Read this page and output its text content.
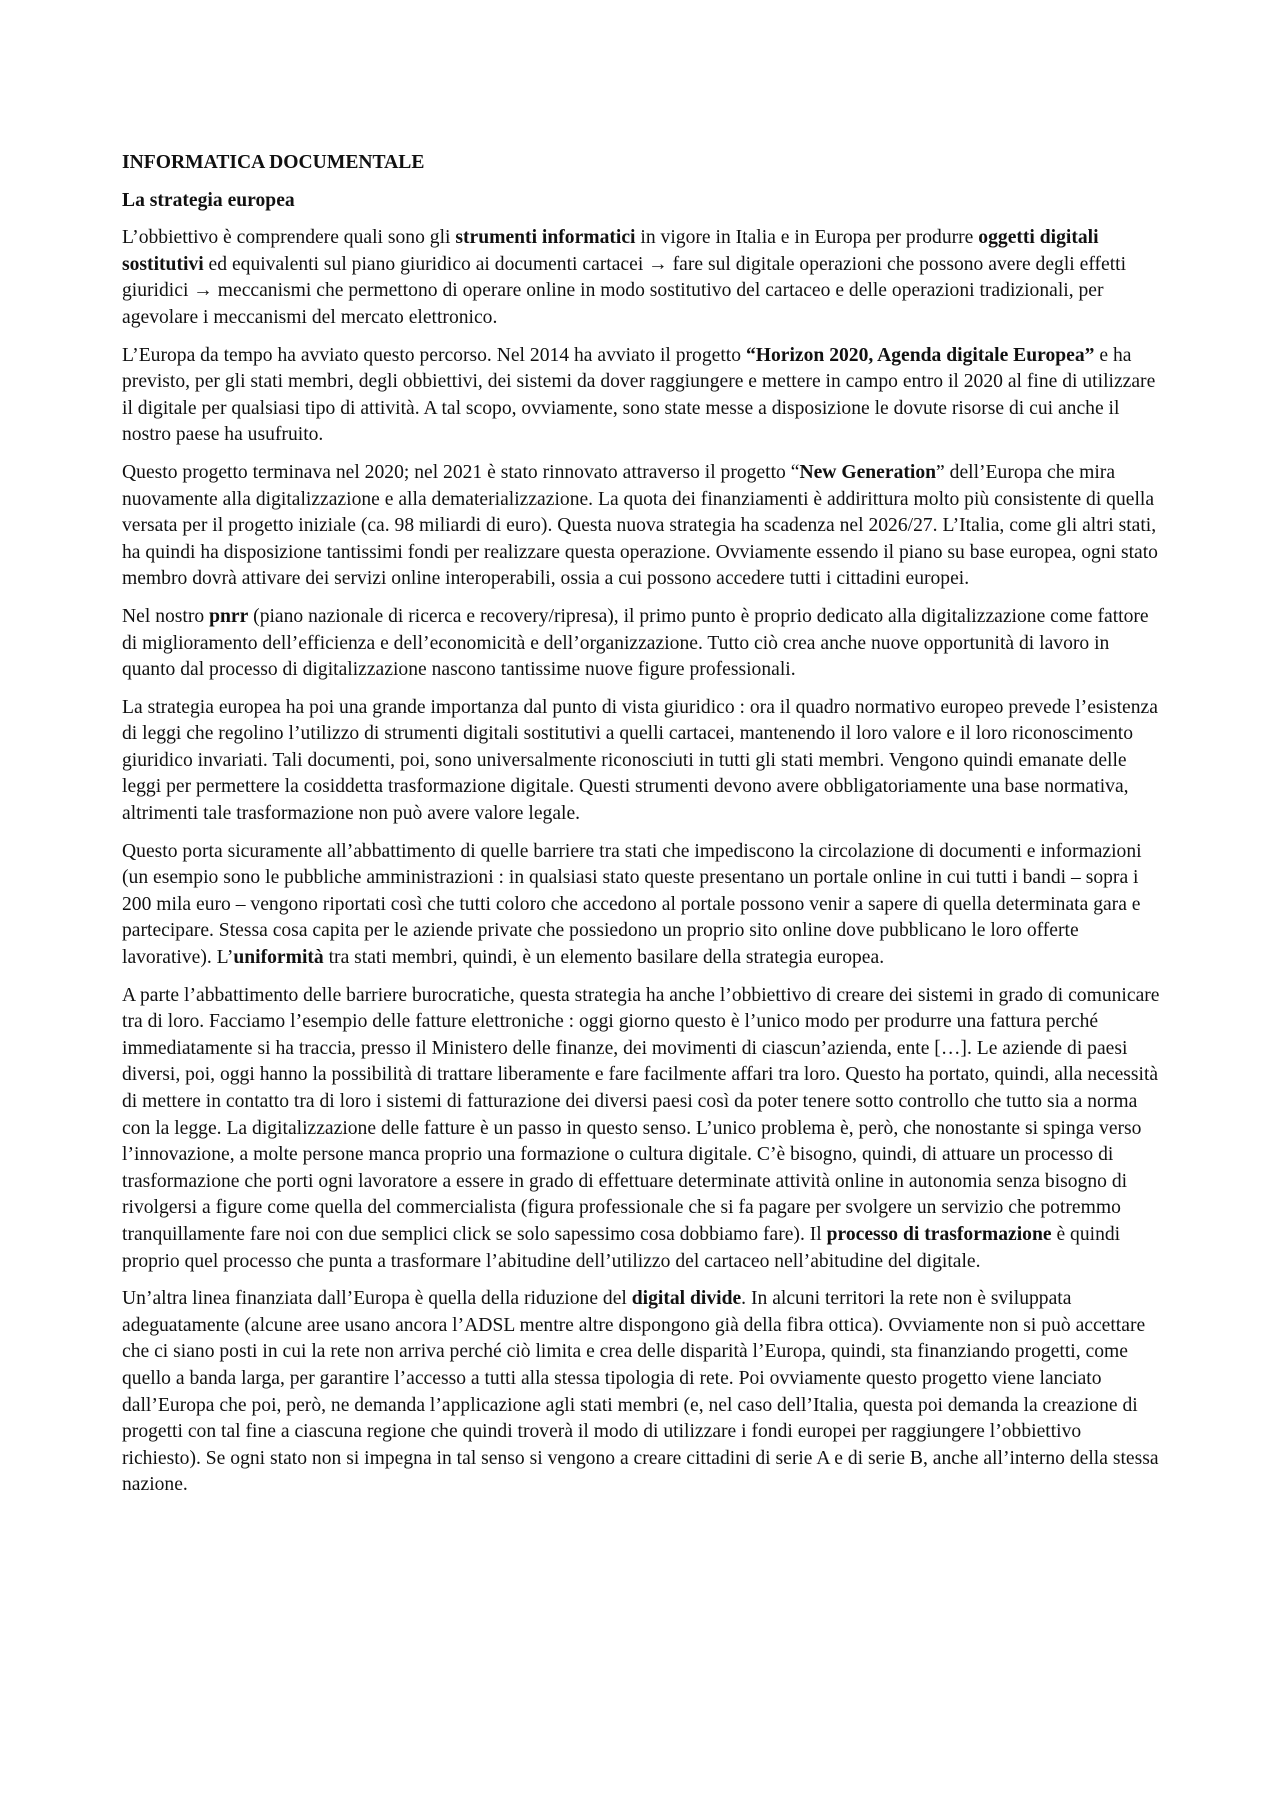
INFORMATICA DOCUMENTALE
La strategia europea

L’obbiettivo è comprendere quali sono gli strumenti informatici in vigore in Italia e in Europa per produrre oggetti digitali sostitutivi ed equivalenti sul piano giuridico ai documenti cartacei → fare sul digitale operazioni che possono avere degli effetti giuridici → meccanismi che permettono di operare online in modo sostitutivo del cartaceo e delle operazioni tradizionali, per agevolare i meccanismi del mercato elettronico.

L’Europa da tempo ha avviato questo percorso. Nel 2014 ha avviato il progetto “Horizon 2020, Agenda digitale Europea” e ha previsto, per gli stati membri, degli obbiettivi, dei sistemi da dover raggiungere e mettere in campo entro il 2020 al fine di utilizzare il digitale per qualsiasi tipo di attività. A tal scopo, ovviamente, sono state messe a disposizione le dovute risorse di cui anche il nostro paese ha usufruito.

Questo progetto terminava nel 2020; nel 2021 è stato rinnovato attraverso il progetto “New Generation” dell’Europa che mira nuovamente alla digitalizzazione e alla dematerializzazione. La quota dei finanziamenti è addirittura molto più consistente di quella versata per il progetto iniziale (ca. 98 miliardi di euro). Questa nuova strategia ha scadenza nel 2026/27. L’Italia, come gli altri stati, ha quindi ha disposizione tantissimi fondi per realizzare questa operazione. Ovviamente essendo il piano su base europea, ogni stato membro dovrà attivare dei servizi online interoperabili, ossia a cui possono accedere tutti i cittadini europei.

Nel nostro pnrr (piano nazionale di ricerca e recovery/ripresa), il primo punto è proprio dedicato alla digitalizzazione come fattore di miglioramento dell’efficienza e dell’economicità e dell’organizzazione. Tutto ciò crea anche nuove opportunità di lavoro in quanto dal processo di digitalizzazione nascono tantissime nuove figure professionali.

La strategia europea ha poi una grande importanza dal punto di vista giuridico : ora il quadro normativo europeo prevede l’esistenza di leggi che regolino l’utilizzo di strumenti digitali sostitutivi a quelli cartacei, mantenendo il loro valore e il loro riconoscimento giuridico invariati. Tali documenti, poi, sono universalmente riconosciuti in tutti gli stati membri. Vengono quindi emanate delle leggi per permettere la cosiddetta trasformazione digitale. Questi strumenti devono avere obbligatoriamente una base normativa, altrimenti tale trasformazione non può avere valore legale.

Questo porta sicuramente all’abbattimento di quelle barriere tra stati che impediscono la circolazione di documenti e informazioni (un esempio sono le pubbliche amministrazioni : in qualsiasi stato queste presentano un portale online in cui tutti i bandi – sopra i 200 mila euro – vengono riportati così che tutti coloro che accedono al portale possono venir a sapere di quella determinata gara e partecipare. Stessa cosa capita per le aziende private che possiedono un proprio sito online dove pubblicano le loro offerte lavorative). L’uniformità tra stati membri, quindi, è un elemento basilare della strategia europea.

A parte l’abbattimento delle barriere burocratiche, questa strategia ha anche l’obbiettivo di creare dei sistemi in grado di comunicare tra di loro. Facciamo l’esempio delle fatture elettroniche : oggi giorno questo è l’unico modo per produrre una fattura perché immediatamente si ha traccia, presso il Ministero delle finanze, dei movimenti di ciascun’azienda, ente […]. Le aziende di paesi diversi, poi, oggi hanno la possibilità di trattare liberamente e fare facilmente affari tra loro. Questo ha portato, quindi, alla necessità di mettere in contatto tra di loro i sistemi di fatturazione dei diversi paesi così da poter tenere sotto controllo che tutto sia a norma con la legge. La digitalizzazione delle fatture è un passo in questo senso. L’unico problema è, però, che nonostante si spinga verso l’innovazione, a molte persone manca proprio una formazione o cultura digitale. C’è bisogno, quindi, di attuare un processo di trasformazione che porti ogni lavoratore a essere in grado di effettuare determinate attività online in autonomia senza bisogno di rivolgersi a figure come quella del commercialista (figura professionale che si fa pagare per svolgere un servizio che potremmo tranquillamente fare noi con due semplici click se solo sapessimo cosa dobbiamo fare). Il processo di trasformazione è quindi proprio quel processo che punta a trasformare l’abitudine dell’utilizzo del cartaceo nell’abitudine del digitale.

Un’altra linea finanziata dall’Europa è quella della riduzione del digital divide. In alcuni territori la rete non è sviluppata adeguatamente (alcune aree usano ancora l’ADSL mentre altre dispongono già della fibra ottica). Ovviamente non si può accettare che ci siano posti in cui la rete non arriva perché ciò limita e crea delle disparità l’Europa, quindi, sta finanziando progetti, come quello a banda larga, per garantire l’accesso a tutti alla stessa tipologia di rete. Poi ovviamente questo progetto viene lanciato dall’Europa che poi, però, ne demanda l’applicazione agli stati membri (e, nel caso dell’Italia, questa poi demanda la creazione di progetti con tal fine a ciascuna regione che quindi troverà il modo di utilizzare i fondi europei per raggiungere l’obbiettivo richiesto). Se ogni stato non si impegna in tal senso si vengono a creare cittadini di serie A e di serie B, anche all’interno della stessa nazione.
